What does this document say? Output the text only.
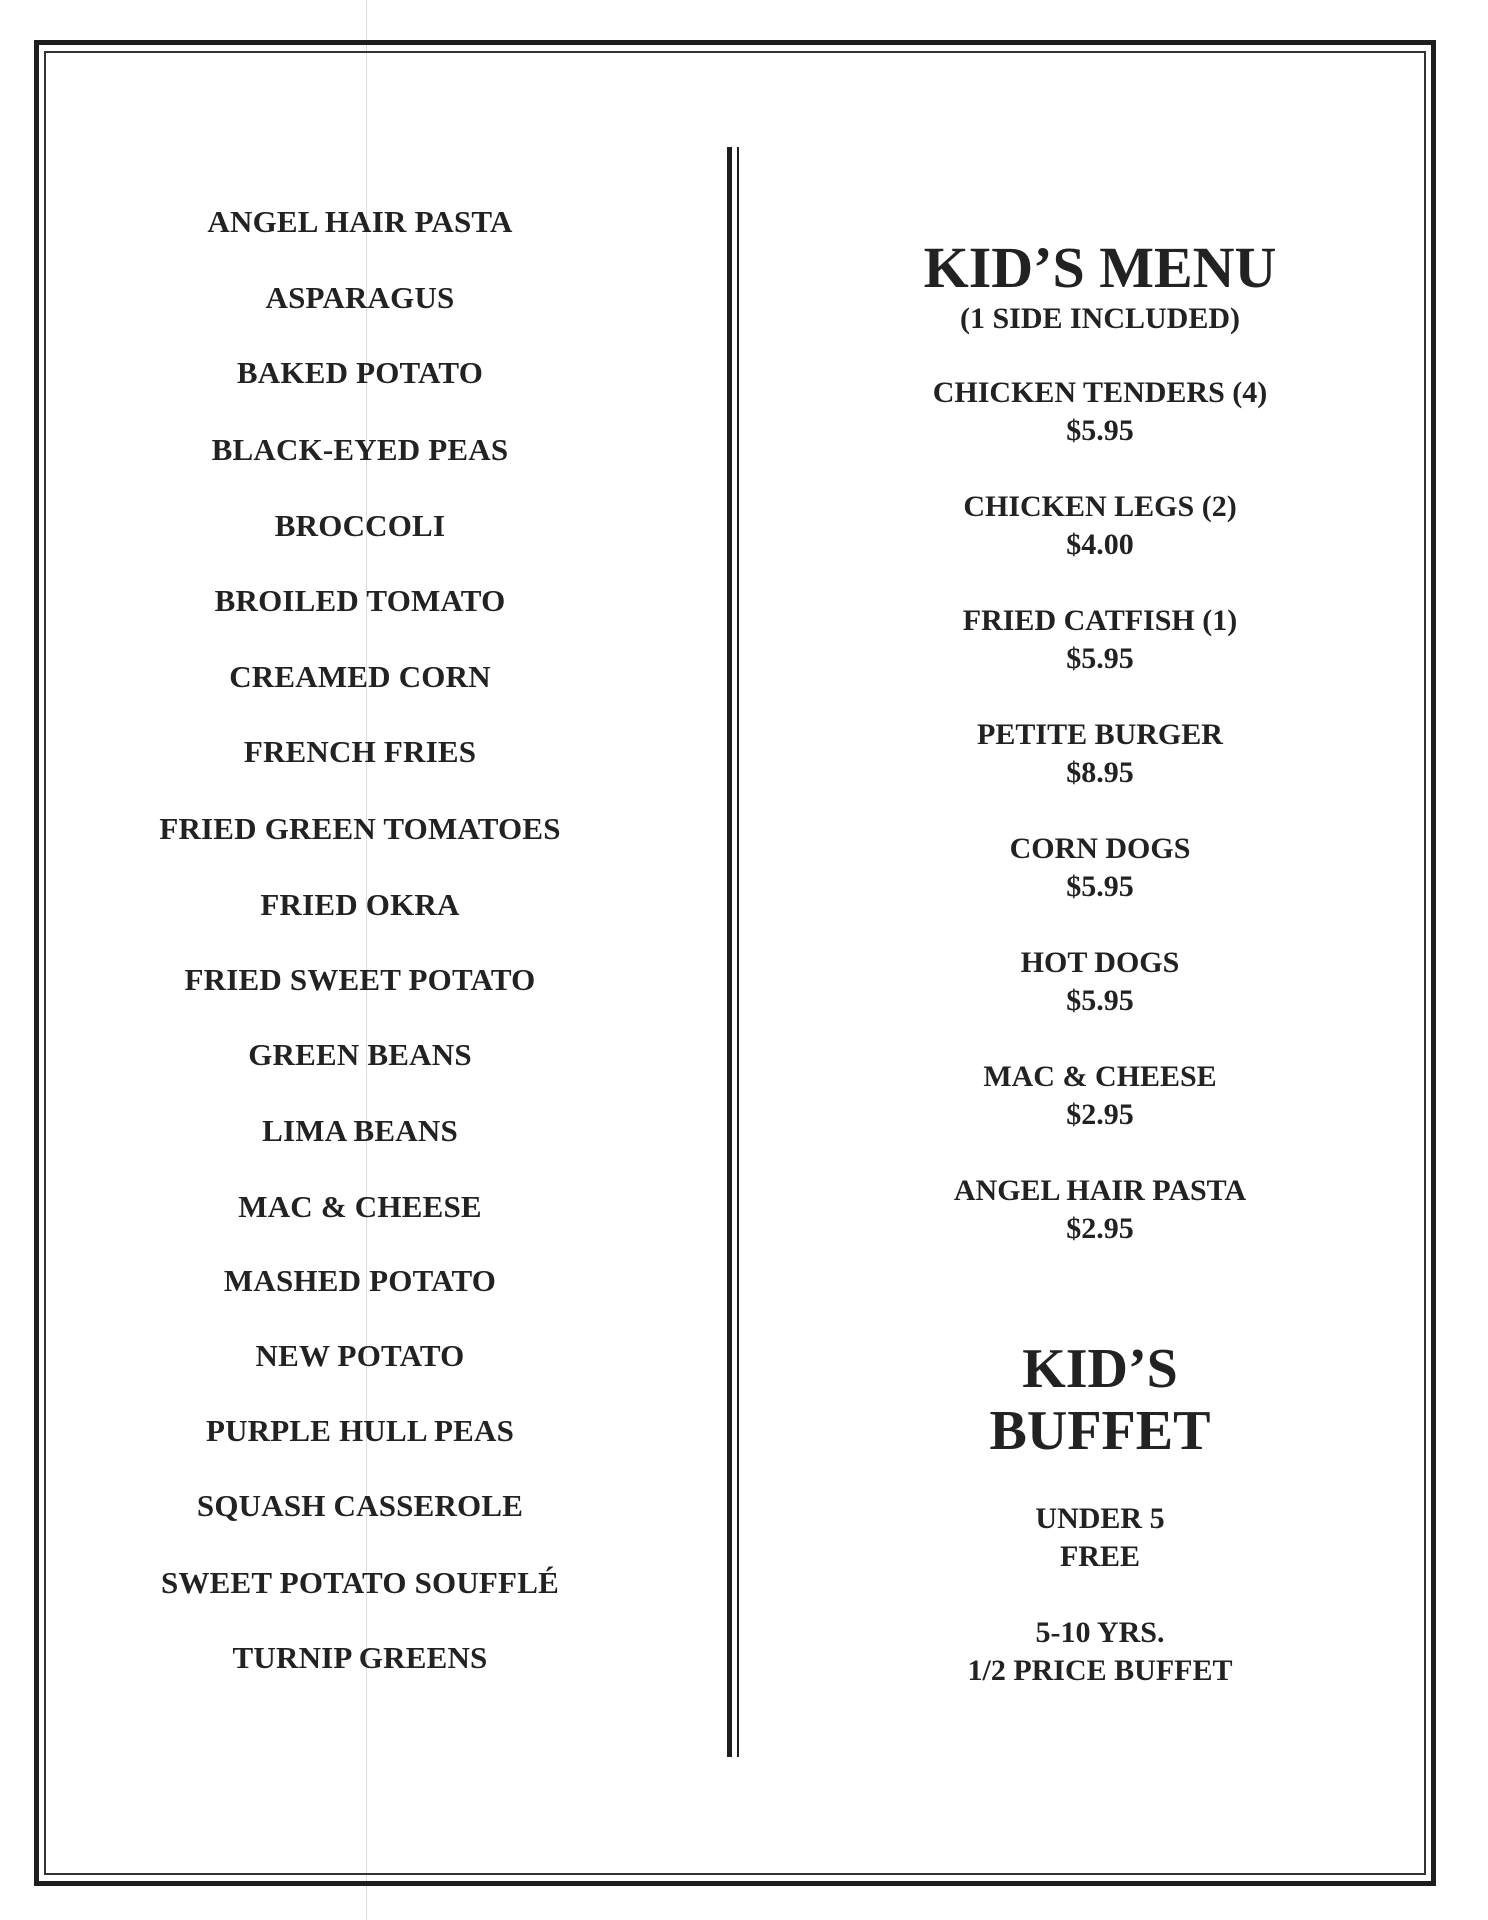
ANGEL HAIR PASTA
ASPARAGUS
BAKED POTATO
BLACK-EYED PEAS
BROCCOLI
BROILED TOMATO
CREAMED CORN
FRENCH FRIES
FRIED GREEN TOMATOES
FRIED OKRA
FRIED SWEET POTATO
GREEN BEANS
LIMA BEANS
MAC & CHEESE
MASHED POTATO
NEW POTATO
PURPLE HULL PEAS
SQUASH CASSEROLE
SWEET POTATO SOUFFLÉ
TURNIP GREENS
KID’S MENU
(1 SIDE INCLUDED)
CHICKEN TENDERS (4)
$5.95
CHICKEN LEGS (2)
$4.00
FRIED CATFISH (1)
$5.95
PETITE BURGER
$8.95
CORN DOGS
$5.95
HOT DOGS
$5.95
MAC & CHEESE
$2.95
ANGEL HAIR PASTA
$2.95
KID’S
BUFFET
UNDER 5
FREE
5-10 YRS.
1/2 PRICE BUFFET
